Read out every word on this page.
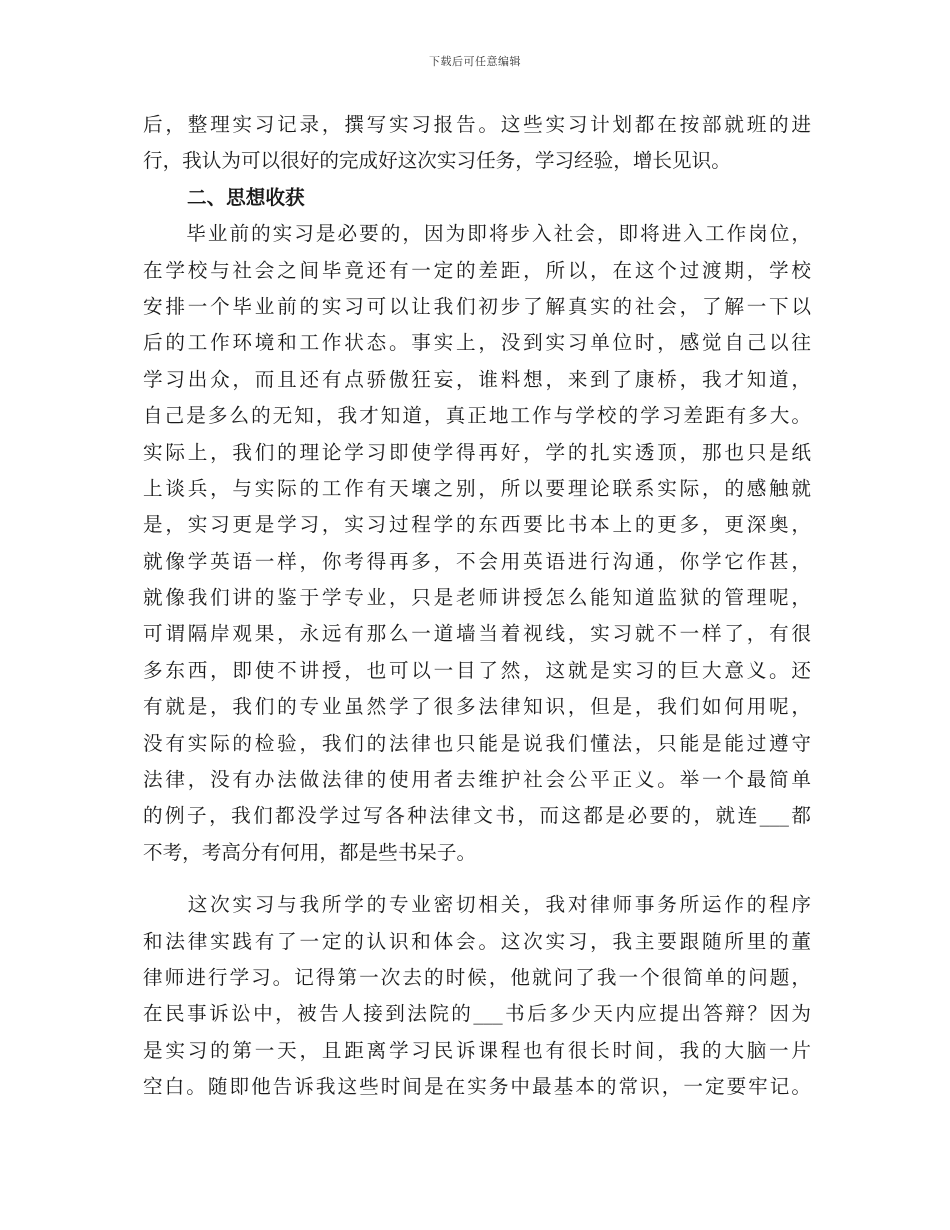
下载后可任意编辑
后，整理实习记录，撰写实习报告。这些实习计划都在按部就班的进
行，我认为可以很好的完成好这次实习任务，学习经验，增长见识。
二、思想收获
　　毕业前的实习是必要的，因为即将步入社会，即将进入工作岗位，
在学校与社会之间毕竟还有一定的差距，所以，在这个过渡期，学校
安排一个毕业前的实习可以让我们初步了解真实的社会，了解一下以
后的工作环境和工作状态。事实上，没到实习单位时，感觉自己以往
学习出众，而且还有点骄傲狂妄，谁料想，来到了康桥，我才知道，
自己是多么的无知，我才知道，真正地工作与学校的学习差距有多大。
实际上，我们的理论学习即使学得再好，学的扎实透顶，那也只是纸
上谈兵，与实际的工作有天壤之别，所以要理论联系实际，的感触就
是，实习更是学习，实习过程学的东西要比书本上的更多，更深奥，
就像学英语一样，你考得再多，不会用英语进行沟通，你学它作甚，
就像我们讲的鉴于学专业，只是老师讲授怎么能知道监狱的管理呢，
可谓隔岸观果，永远有那么一道墙当着视线，实习就不一样了，有很
多东西，即使不讲授，也可以一目了然，这就是实习的巨大意义。还
有就是，我们的专业虽然学了很多法律知识，但是，我们如何用呢，
没有实际的检验，我们的法律也只能是说我们懂法，只能是能过遵守
法律，没有办法做法律的使用者去维护社会公平正义。举一个最简单
的例子，我们都没学过写各种法律文书，而这都是必要的，就连___都
不考，考高分有何用，都是些书呆子。
　　这次实习与我所学的专业密切相关，我对律师事务所运作的程序
和法律实践有了一定的认识和体会。这次实习，我主要跟随所里的董
律师进行学习。记得第一次去的时候，他就问了我一个很简单的问题，
在民事诉讼中，被告人接到法院的___书后多少天内应提出答辩？因为
是实习的第一天，且距离学习民诉课程也有很长时间，我的大脑一片
空白。随即他告诉我这些时间是在实务中最基本的常识，一定要牢记。
